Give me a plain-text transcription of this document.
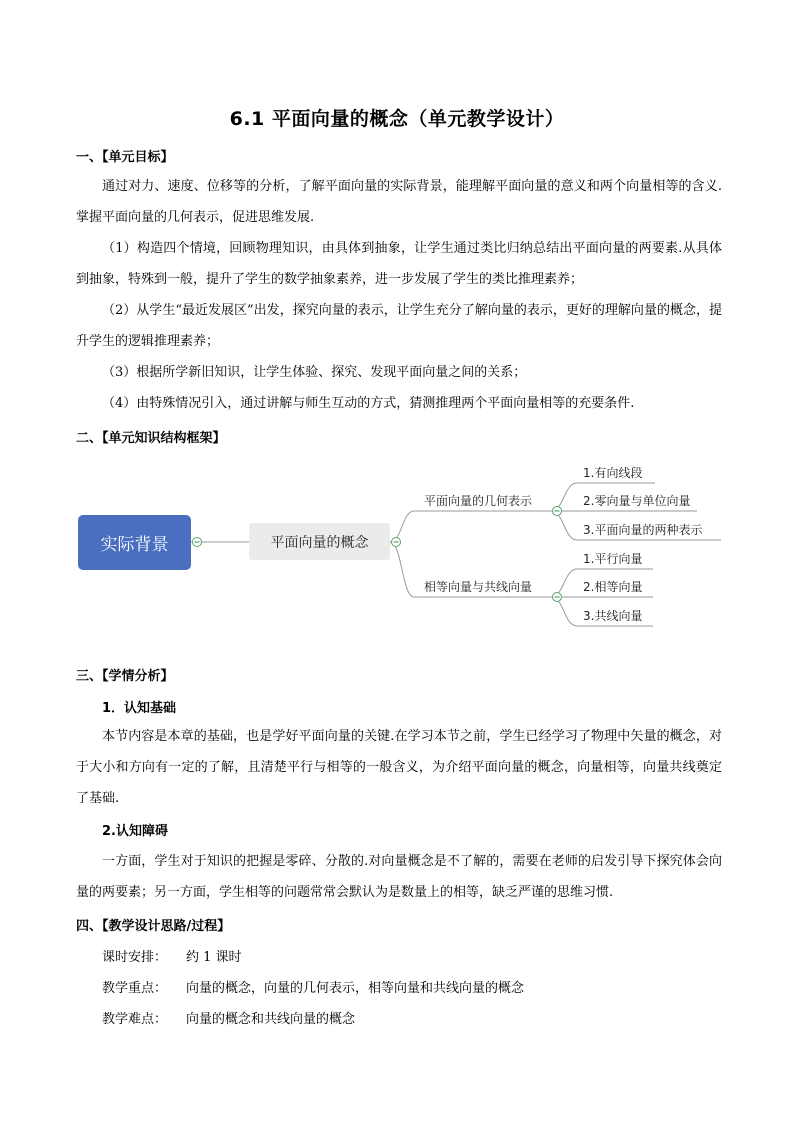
6.1 平面向量的概念（单元教学设计）
一、【单元目标】

通过对力、速度、位移等的分析，了解平面向量的实际背景，能理解平面向量的意义和两个向量相等的含义.掌握平面向量的几何表示，促进思维发展.

（1）构造四个情境，回顾物理知识，由具体到抽象，让学生通过类比归纳总结出平面向量的两要素.从具体到抽象，特殊到一般，提升了学生的数学抽象素养，进一步发展了学生的类比推理素养；

（2）从学生“最近发展区”出发，探究向量的表示，让学生充分了解向量的表示，更好的理解向量的概念，提升学生的逻辑推理素养；

（3）根据所学新旧知识，让学生体验、探究、发现平面向量之间的关系；

（4）由特殊情况引入，通过讲解与师生互动的方式，猜测推理两个平面向量相等的充要条件.

二、【单元知识结构框架】
实际背景	平面向量的概念
平面向量的几何表示
相等向量与共线向量
1.有向线段
2.零向量与单位向量
3.平面向量的两种表示
1.平行向量
2.相等向量
3.共线向量
三、【学情分析】
1．认知基础

本节内容是本章的基础，也是学好平面向量的关键.在学习本节之前，学生已经学习了物理中矢量的概念，对于大小和方向有一定的了解，且清楚平行与相等的一般含义，为介绍平面向量的概念，向量相等，向量共线奠定了基础.

2.认知障碍

一方面，学生对于知识的把握是零碎、分散的.对向量概念是不了解的，需要在老师的启发引导下探究体会向量的两要素；另一方面，学生相等的问题常常会默认为是数量上的相等，缺乏严谨的思维习惯.

四、【教学设计思路/过程】
课时安排： 约 1 课时
教学重点： 向量的概念，向量的几何表示，相等向量和共线向量的概念
教学难点： 向量的概念和共线向量的概念
